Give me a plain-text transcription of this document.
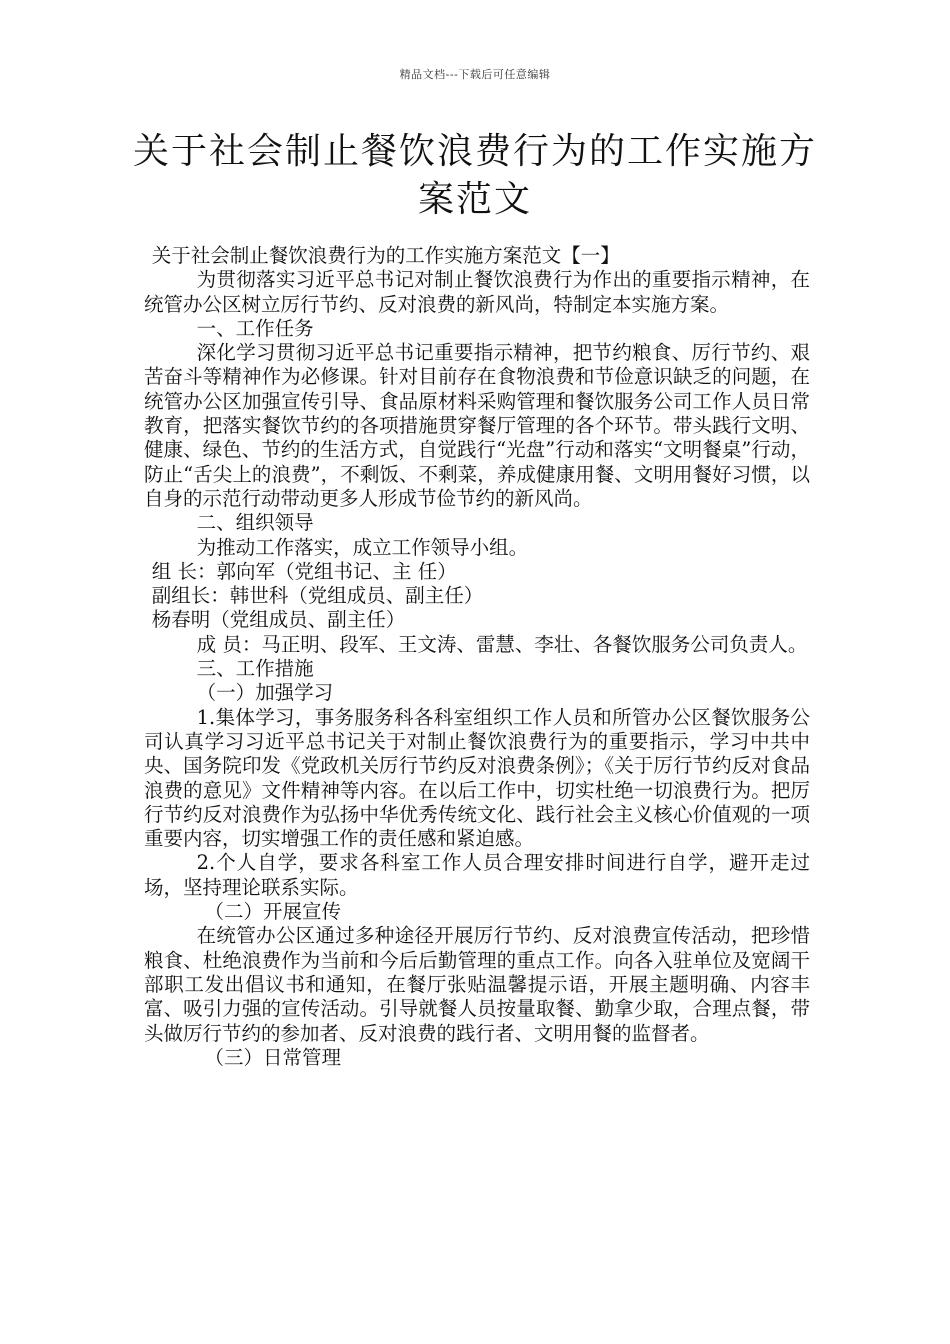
精品文档---下载后可任意编辑
关于社会制止餐饮浪费行为的工作实施方案范文

关于社会制止餐饮浪费行为的工作实施方案范文【一】

为贯彻落实习近平总书记对制止餐饮浪费行为作出的重要指示精神，在统管办公区树立厉行节约、反对浪费的新风尚，特制定本实施方案。

一、工作任务

深化学习贯彻习近平总书记重要指示精神，把节约粮食、厉行节约、艰苦奋斗等精神作为必修课。针对目前存在食物浪费和节俭意识缺乏的问题，在统管办公区加强宣传引导、食品原材料采购管理和餐饮服务公司工作人员日常教育，把落实餐饮节约的各项措施贯穿餐厅管理的各个环节。带头践行文明、健康、绿色、节约的生活方式，自觉践行“光盘”行动和落实“文明餐桌”行动，防止“舌尖上的浪费”，不剩饭、不剩菜，养成健康用餐、文明用餐好习惯，以自身的示范行动带动更多人形成节俭节约的新风尚。

二、组织领导

为推动工作落实，成立工作领导小组。

组 长：郭向军（党组书记、主 任）

副组长：韩世科（党组成员、副主任）

杨春明（党组成员、副主任）

成 员：马正明、段军、王文涛、雷慧、李壮、各餐饮服务公司负责人。

三、工作措施

（一）加强学习

1.集体学习，事务服务科各科室组织工作人员和所管办公区餐饮服务公司认真学习习近平总书记关于对制止餐饮浪费行为的重要指示，学习中共中央、国务院印发《党政机关厉行节约反对浪费条例》；《关于厉行节约反对食品浪费的意见》文件精神等内容。在以后工作中，切实杜绝一切浪费行为。把厉行节约反对浪费作为弘扬中华优秀传统文化、践行社会主义核心价值观的一项重要内容，切实增强工作的责任感和紧迫感。

2.个人自学，要求各科室工作人员合理安排时间进行自学，避开走过场，坚持理论联系实际。

（二）开展宣传

在统管办公区通过多种途径开展厉行节约、反对浪费宣传活动，把珍惜粮食、杜绝浪费作为当前和今后后勤管理的重点工作。向各入驻单位及宽阔干部职工发出倡议书和通知，在餐厅张贴温馨提示语，开展主题明确、内容丰富、吸引力强的宣传活动。引导就餐人员按量取餐、勤拿少取，合理点餐，带头做厉行节约的参加者、反对浪费的践行者、文明用餐的监督者。

（三）日常管理
